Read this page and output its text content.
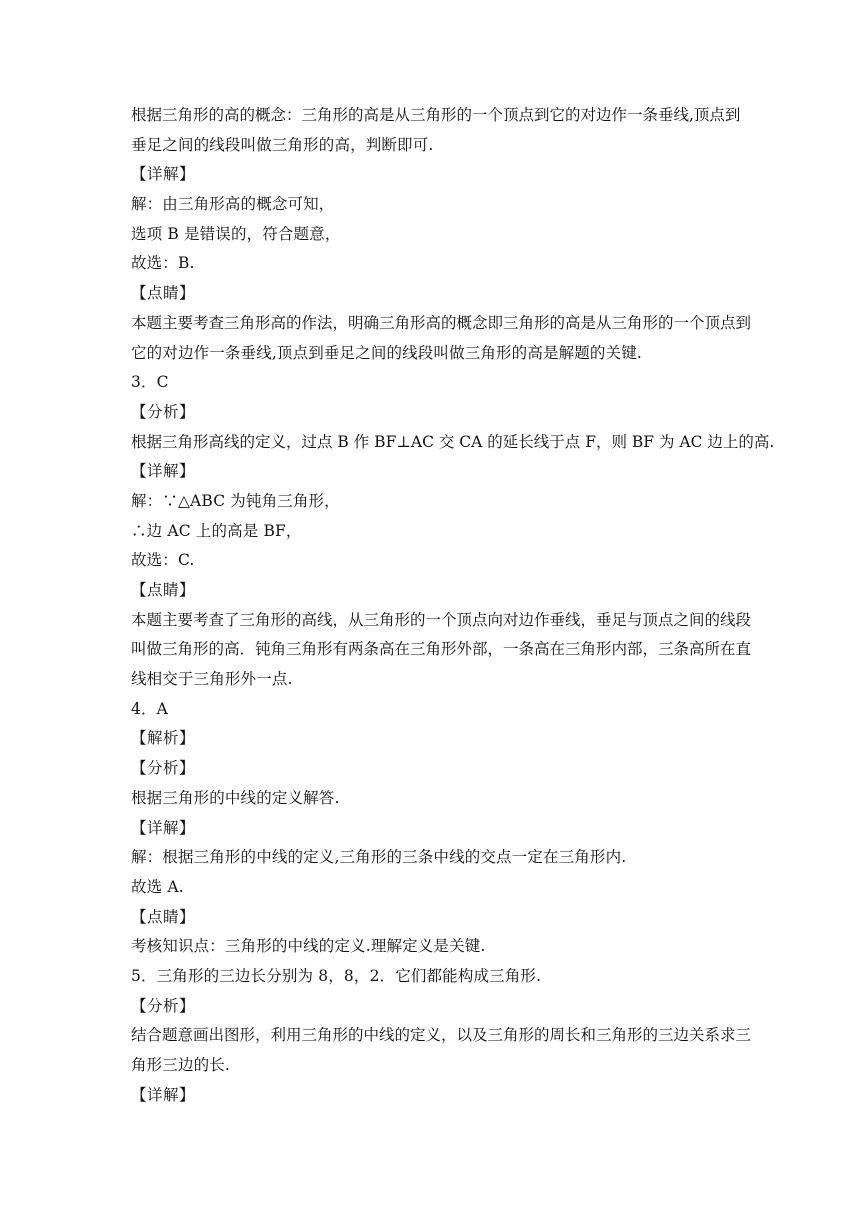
根据三角形的高的概念：三角形的高是从三角形的一个顶点到它的对边作一条垂线,顶点到
垂足之间的线段叫做三角形的高，判断即可.
【详解】
解：由三角形高的概念可知，
选项 B 是错误的，符合题意，
故选：B.
【点睛】
本题主要考查三角形高的作法，明确三角形高的概念即三角形的高是从三角形的一个顶点到
它的对边作一条垂线,顶点到垂足之间的线段叫做三角形的高是解题的关键.
3．C
【分析】
根据三角形高线的定义，过点 B 作 BF⊥AC 交 CA 的延长线于点 F，则 BF 为 AC 边上的高.
【详解】
解：∵△ABC 为钝角三角形，
∴边 AC 上的高是 BF，
故选：C.
【点睛】
本题主要考查了三角形的高线，从三角形的一个顶点向对边作垂线，垂足与顶点之间的线段
叫做三角形的高．钝角三角形有两条高在三角形外部，一条高在三角形内部，三条高所在直
线相交于三角形外一点.
4．A
【解析】
【分析】
根据三角形的中线的定义解答.
【详解】
解：根据三角形的中线的定义,三角形的三条中线的交点一定在三角形内.
故选 A.
【点睛】
考核知识点：三角形的中线的定义.理解定义是关键.
5．三角形的三边长分别为 8，8，2．它们都能构成三角形.
【分析】
结合题意画出图形，利用三角形的中线的定义，以及三角形的周长和三角形的三边关系求三
角形三边的长.
【详解】
